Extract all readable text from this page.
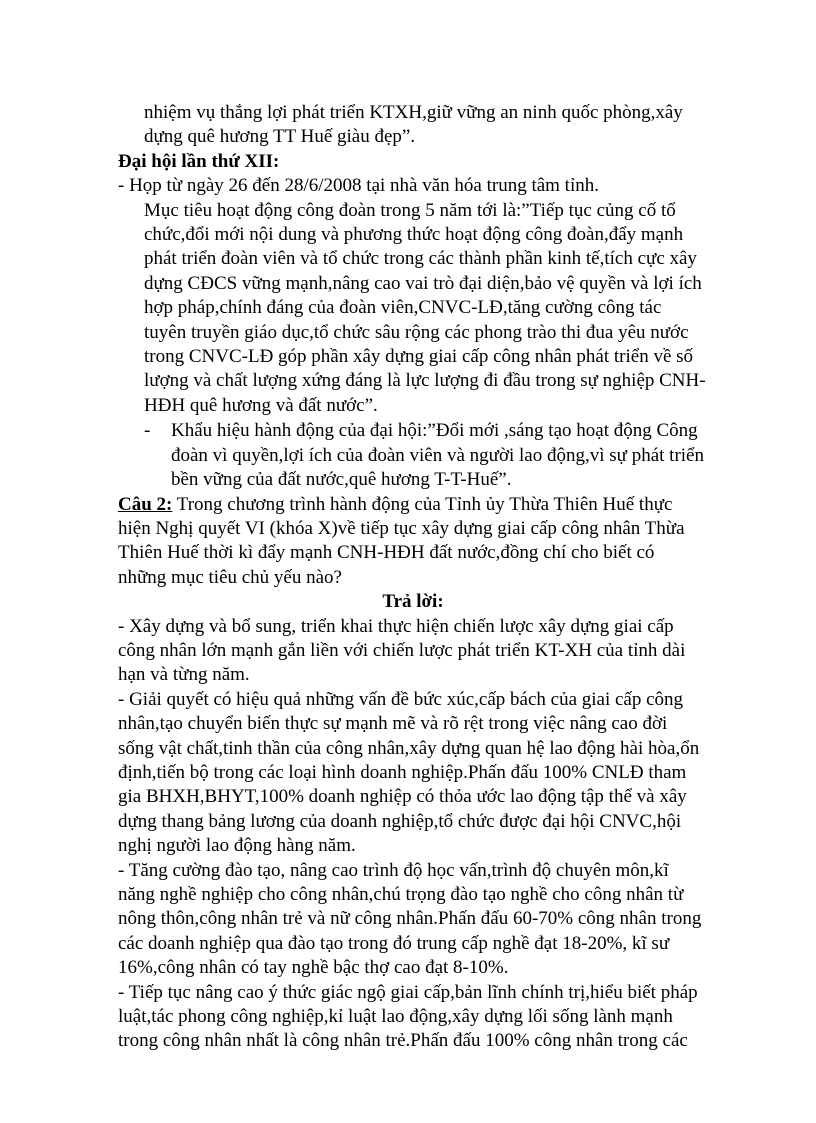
nhiệm vụ thắng lợi phát triển KTXH,giữ vững an ninh quốc phòng,xây

dựng quê hương TT Huế giàu đẹp”.

Đại hội lần thứ XII:

- Họp từ ngày 26 đến 28/6/2008 tại nhà văn hóa trung tâm tỉnh.

Mục tiêu hoạt động công đoàn trong 5 năm tới là:”Tiếp tục củng cố tổ

chức,đổi mới nội dung và phương thức hoạt động công đoàn,đẩy mạnh

phát triển đoàn viên và tổ chức trong các thành phần kinh tế,tích cực xây

dựng CĐCS vững mạnh,nâng cao vai trò đại diện,bảo vệ quyền và lợi ích

hợp pháp,chính đáng của đoàn viên,CNVC-LĐ,tăng cường công tác

tuyên truyền giáo dục,tổ chức sâu rộng các phong trào thi đua yêu nước

trong CNVC-LĐ góp phần xây dựng giai cấp công nhân phát triển về số

lượng và chất lượng xứng đáng là lực lượng đi đầu trong sự nghiệp CNH-

HĐH quê hương và đất nước”.

- Khẩu hiệu hành động của đại hội:”Đổi mới ,sáng tạo hoạt động Công

đoàn vì quyền,lợi ích của đoàn viên và người lao động,vì sự phát triển

bền vững của đất nước,quê hương T-T-Huế”.

Câu 2: Trong chương trình hành động của Tỉnh ủy Thừa Thiên Huế thực

hiện Nghị quyết VI (khóa X)về tiếp tục xây dựng giai cấp công nhân Thừa

Thiên Huế thời kì đẩy mạnh CNH-HĐH đất nước,đồng chí cho biết có

những mục tiêu chủ yếu nào?

Trả lời:

- Xây dựng và bổ sung, triển khai thực hiện chiến lược xây dựng giai cấp

công nhân lớn mạnh gắn liền với chiến lược phát triển KT-XH của tỉnh dài

hạn và từng năm.

- Giải quyết có hiệu quả những vấn đề bức xúc,cấp bách của giai cấp công

nhân,tạo chuyển biến thực sự mạnh mẽ và rõ rệt trong việc nâng cao đời

sống vật chất,tinh thần của công nhân,xây dựng quan hệ lao động hài hòa,ổn

định,tiến bộ trong các loại hình doanh nghiệp.Phấn đấu 100% CNLĐ tham

gia BHXH,BHYT,100% doanh nghiệp có thỏa ước lao động tập thể và xây

dựng thang bảng lương của doanh nghiệp,tổ chức được đại hội CNVC,hội

nghị người lao động hàng năm.

- Tăng cường đào tạo, nâng cao trình độ học vấn,trình độ chuyên môn,kĩ

năng nghề nghiệp cho công nhân,chú trọng đào tạo nghề cho công nhân từ

nông thôn,công nhân trẻ và nữ công nhân.Phấn đấu 60-70% công nhân trong

các doanh nghiệp qua đào tạo trong đó trung cấp nghề đạt 18-20%, kĩ sư

16%,công nhân có tay nghề bậc thợ cao đạt 8-10%.

- Tiếp tục nâng cao ý thức giác ngộ giai cấp,bản lĩnh chính trị,hiểu biết pháp

luật,tác phong công nghiệp,kỉ luật lao động,xây dựng lối sống lành mạnh

trong công nhân nhất là công nhân trẻ.Phấn đấu 100% công nhân trong các
